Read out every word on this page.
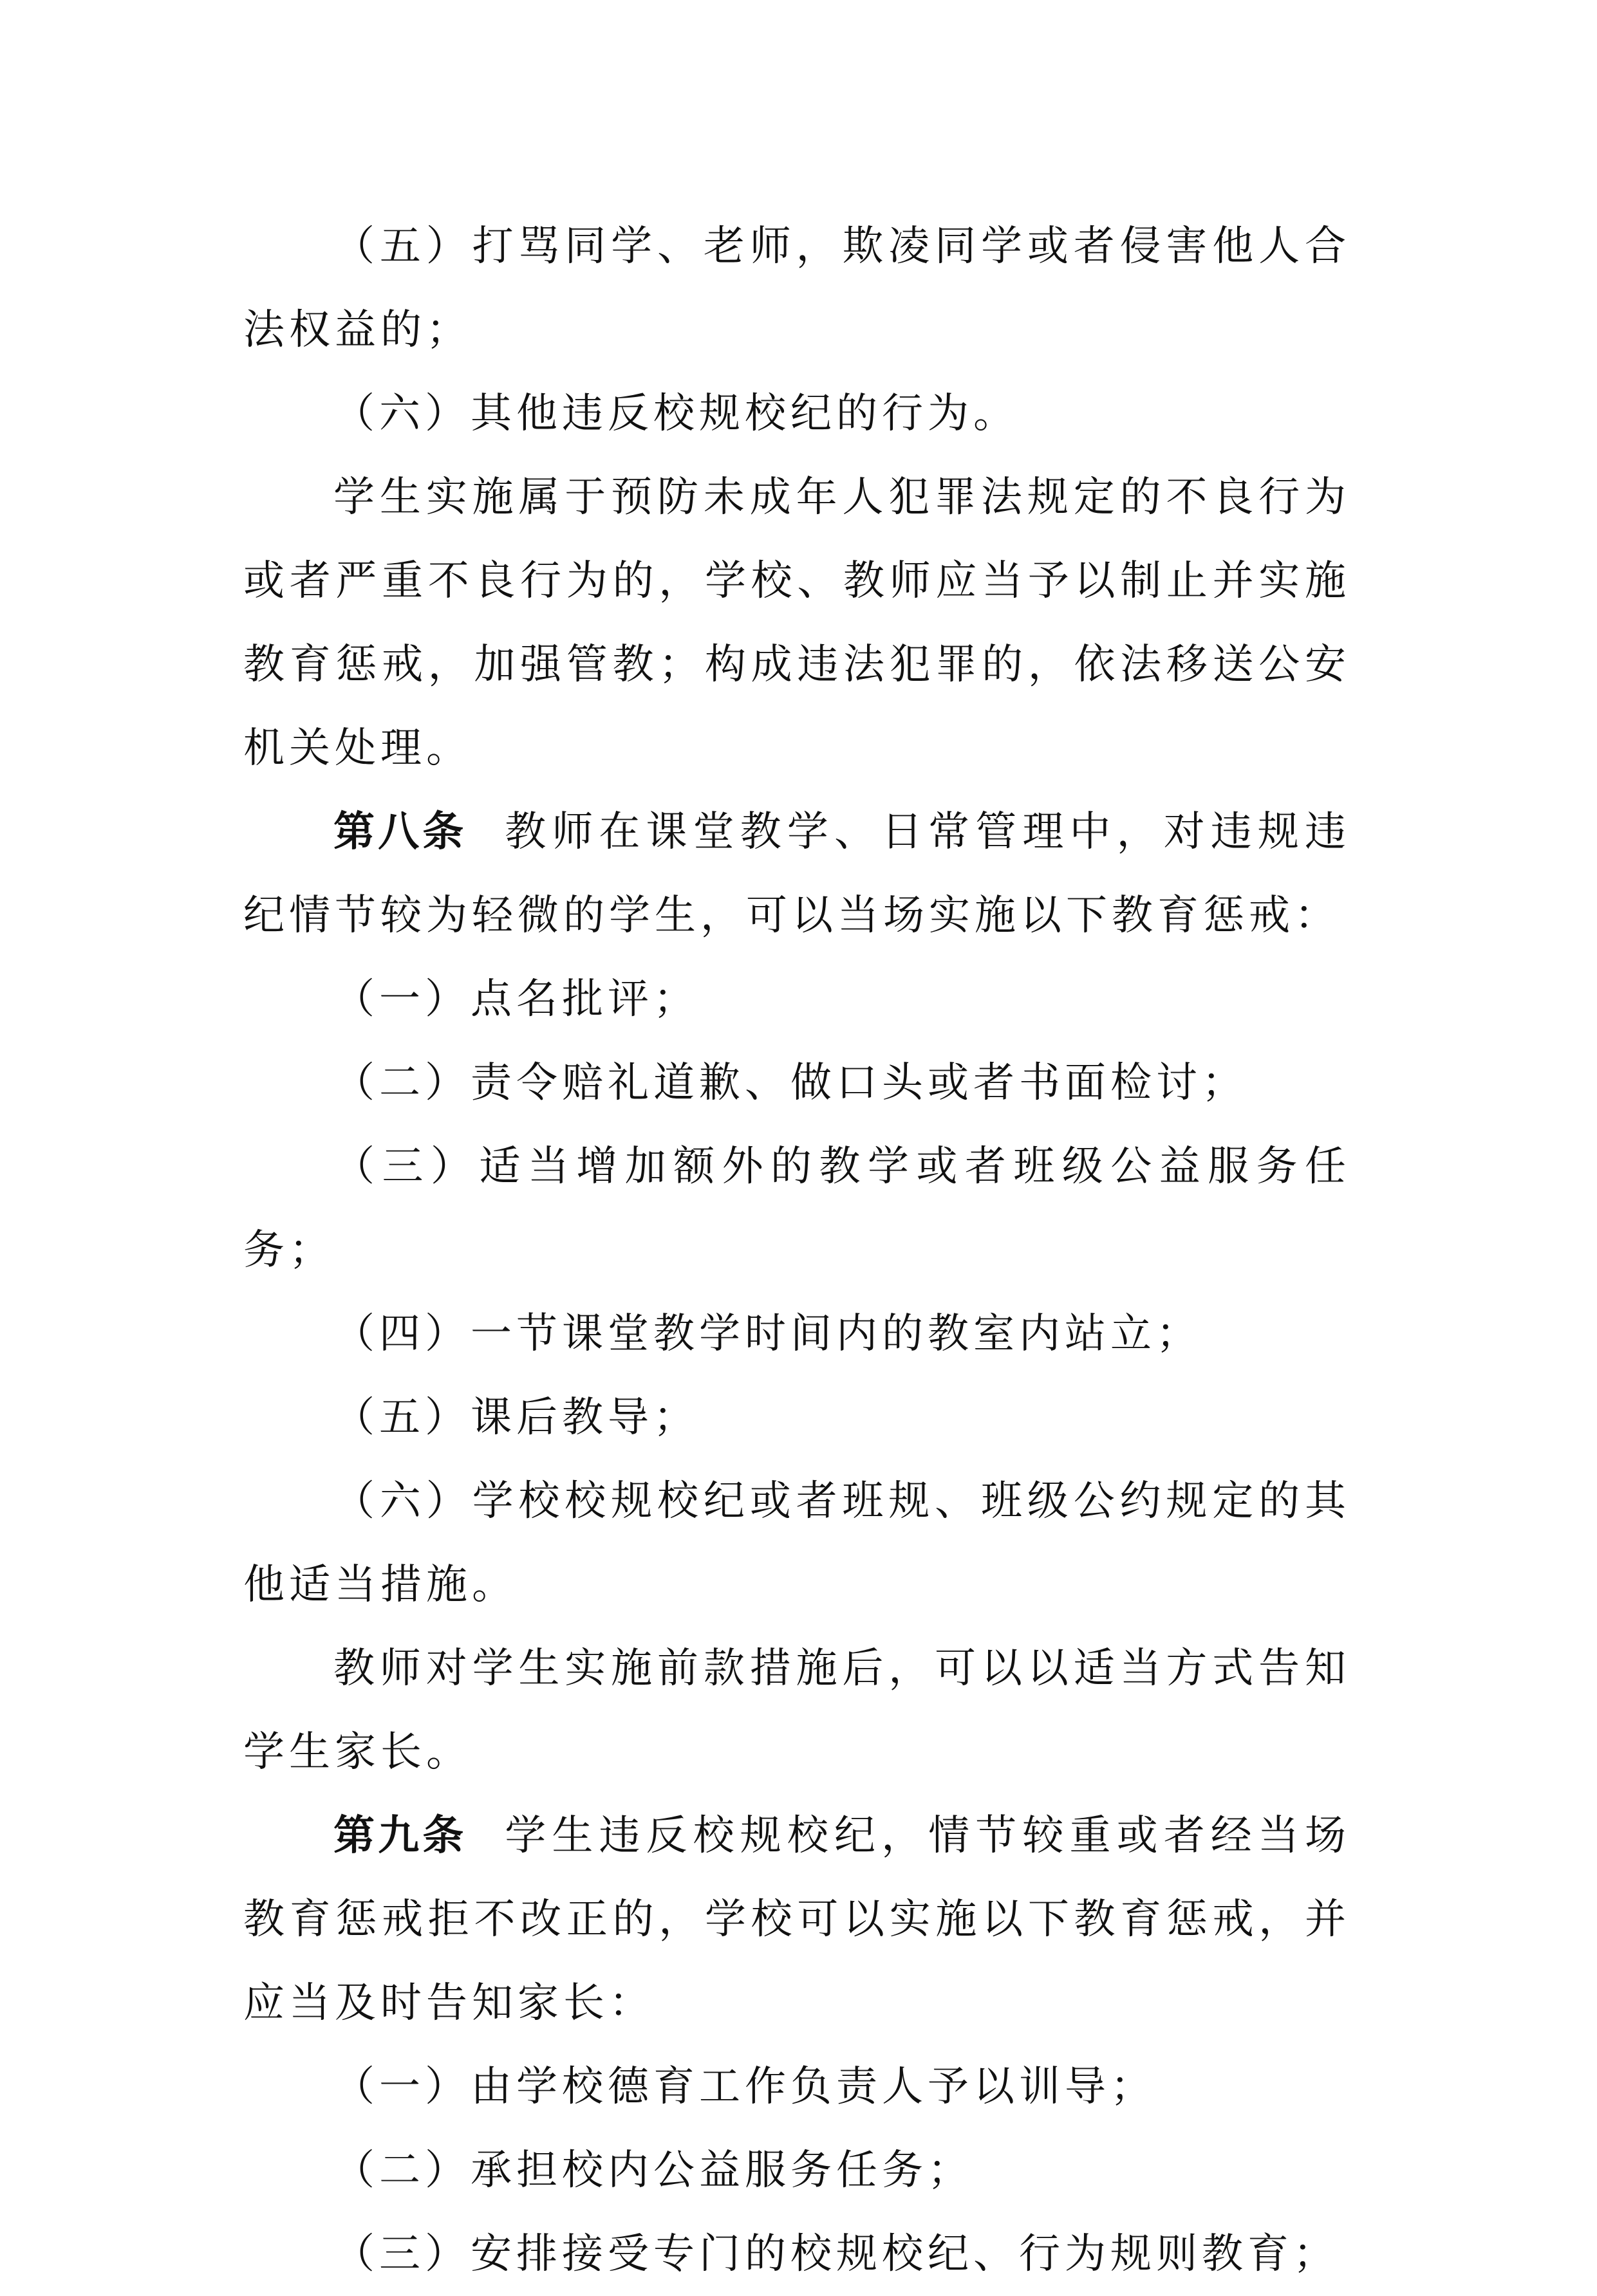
（五）打骂同学、老师，欺凌同学或者侵害他人合法权益的；

（六）其他违反校规校纪的行为。

学生实施属于预防未成年人犯罪法规定的不良行为或者严重不良行为的，学校、教师应当予以制止并实施教育惩戒，加强管教；构成违法犯罪的，依法移送公安机关处理。

第八条 教师在课堂教学、日常管理中，对违规违纪情节较为轻微的学生，可以当场实施以下教育惩戒：

（一）点名批评；

（二）责令赔礼道歉、做口头或者书面检讨；

（三）适当增加额外的教学或者班级公益服务任务；

（四）一节课堂教学时间内的教室内站立；

（五）课后教导；

（六）学校校规校纪或者班规、班级公约规定的其他适当措施。

教师对学生实施前款措施后，可以以适当方式告知学生家长。

第九条 学生违反校规校纪，情节较重或者经当场教育惩戒拒不改正的，学校可以实施以下教育惩戒，并应当及时告知家长：

（一）由学校德育工作负责人予以训导；

（二）承担校内公益服务任务；

（三）安排接受专门的校规校纪、行为规则教育；
